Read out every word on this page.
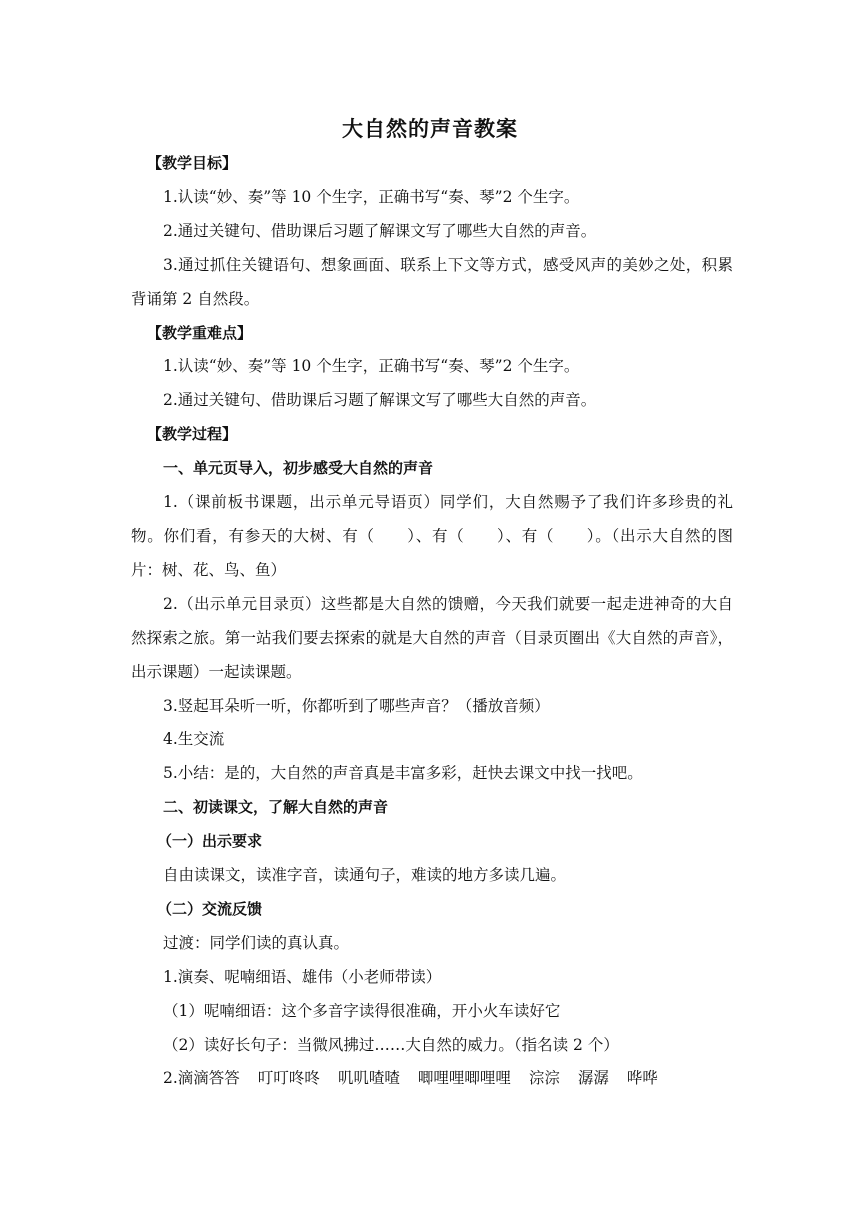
大自然的声音教案

【教学目标】

1.认读“妙、奏”等 10 个生字，正确书写“奏、琴”2 个生字。

2.通过关键句、借助课后习题了解课文写了哪些大自然的声音。

3.通过抓住关键语句、想象画面、联系上下文等方式，感受风声的美妙之处，积累背诵第 2 自然段。

【教学重难点】

1.认读“妙、奏”等 10 个生字，正确书写“奏、琴”2 个生字。

2.通过关键句、借助课后习题了解课文写了哪些大自然的声音。

【教学过程】

一、单元页导入，初步感受大自然的声音

1.（课前板书课题，出示单元导语页）同学们，大自然赐予了我们许多珍贵的礼物。你们看，有参天的大树、有（　　）、有（　　）、有（　　）。（出示大自然的图片：树、花、鸟、鱼）

2.（出示单元目录页）这些都是大自然的馈赠，今天我们就要一起走进神奇的大自然探索之旅。第一站我们要去探索的就是大自然的声音（目录页圈出《大自然的声音》，出示课题）一起读课题。

3.竖起耳朵听一听，你都听到了哪些声音？（播放音频）

4.生交流

5.小结：是的，大自然的声音真是丰富多彩，赶快去课文中找一找吧。

二、初读课文，了解大自然的声音

（一）出示要求

自由读课文，读准字音，读通句子，难读的地方多读几遍。

（二）交流反馈

过渡：同学们读的真认真。

1.演奏、呢喃细语、雄伟（小老师带读）

（1）呢喃细语：这个多音字读得很准确，开小火车读好它

（2）读好长句子：当微风拂过……大自然的威力。（指名读 2 个）

2.滴滴答答 叮叮咚咚 叽叽喳喳 唧哩哩唧哩哩 淙淙 潺潺 哗哗
